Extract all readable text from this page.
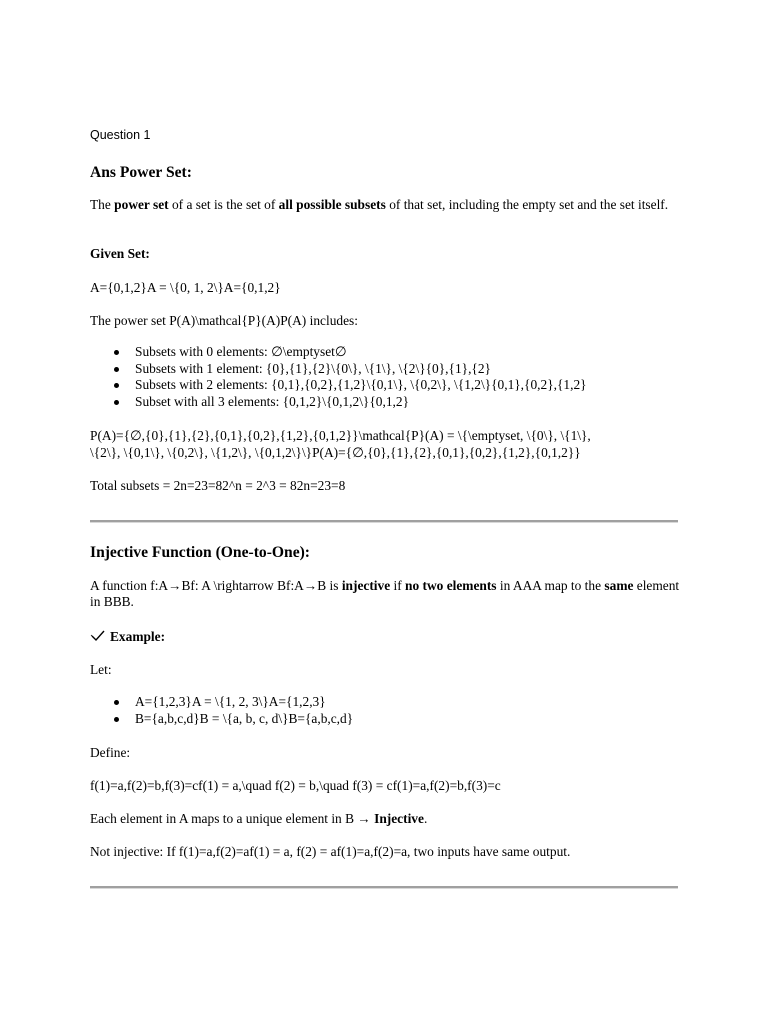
Question 1
Ans Power Set:
The power set of a set is the set of all possible subsets of that set, including the empty set and the set itself.
Given Set:
A={0,1,2}A = \{0, 1, 2\}A={0,1,2}
The power set P(A)\mathcal{P}(A)P(A) includes:
Subsets with 0 elements: ∅\emptyset∅
Subsets with 1 element: {0},{1},{2}\{0\}, \{1\}, \{2\}{0},{1},{2}
Subsets with 2 elements: {0,1},{0,2},{1,2}\{0,1\}, \{0,2\}, \{1,2\}{0,1},{0,2},{1,2}
Subset with all 3 elements: {0,1,2}\{0,1,2\}{0,1,2}
P(A)={∅,{0},{1},{2},{0,1},{0,2},{1,2},{0,1,2}}\mathcal{P}(A) = \{\emptyset, \{0\}, \{1\},
\{2\}, \{0,1\}, \{0,2\}, \{1,2\}, \{0,1,2\}\}P(A)={∅,{0},{1},{2},{0,1},{0,2},{1,2},{0,1,2}}
Total subsets = 2n=23=82^n = 2^3 = 82n=23=8
Injective Function (One-to-One):
A function f:A→Bf: A \rightarrow Bf:A→B is injective if no two elements in AAA map to the same element in BBB.
Example:
Let:
A={1,2,3}A = \{1, 2, 3\}A={1,2,3}
B={a,b,c,d}B = \{a, b, c, d\}B={a,b,c,d}
Define:
f(1)=a,f(2)=b,f(3)=cf(1) = a,\quad f(2) = b,\quad f(3) = cf(1)=a,f(2)=b,f(3)=c
Each element in A maps to a unique element in B → Injective.
Not injective: If f(1)=a,f(2)=af(1) = a, f(2) = af(1)=a,f(2)=a, two inputs have same output.
